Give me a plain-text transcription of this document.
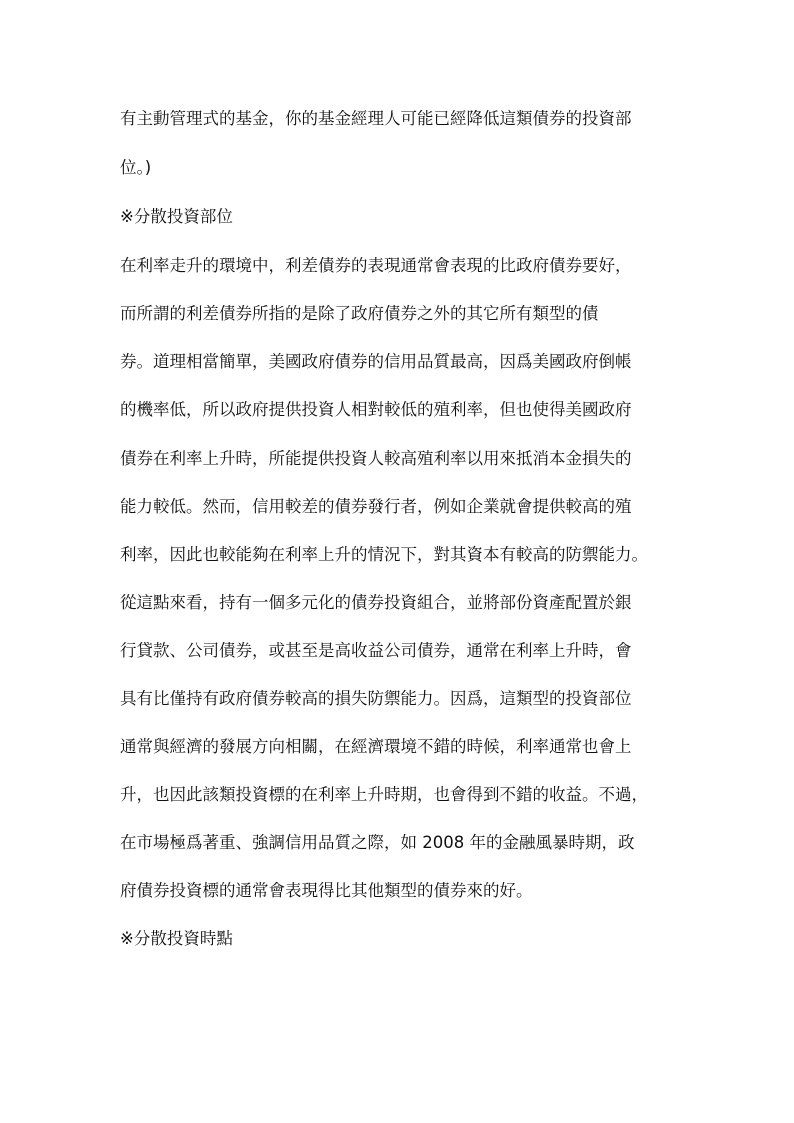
有主動管理式的基金，你的基金經理人可能已經降低這類債券的投資部
位。)
※分散投資部位
在利率走升的環境中，利差債券的表現通常會表現的比政府債券要好，
而所謂的利差債券所指的是除了政府債券之外的其它所有類型的債
券。道理相當簡單，美國政府債券的信用品質最高，因爲美國政府倒帳
的機率低，所以政府提供投資人相對較低的殖利率，但也使得美國政府
債券在利率上升時，所能提供投資人較高殖利率以用來抵消本金損失的
能力較低。然而，信用較差的債券發行者，例如企業就會提供較高的殖
利率，因此也較能夠在利率上升的情況下，對其資本有較高的防禦能力。
從這點來看，持有一個多元化的債券投資組合，並將部份資產配置於銀
行貸款、公司債券，或甚至是高收益公司債券，通常在利率上升時，會
具有比僅持有政府債券較高的損失防禦能力。因爲，這類型的投資部位
通常與經濟的發展方向相關，在經濟環境不錯的時候，利率通常也會上
升，也因此該類投資標的在利率上升時期，也會得到不錯的收益。不過，
在市場極爲著重、強調信用品質之際，如 2008 年的金融風暴時期，政
府債券投資標的通常會表現得比其他類型的債券來的好。
※分散投資時點
